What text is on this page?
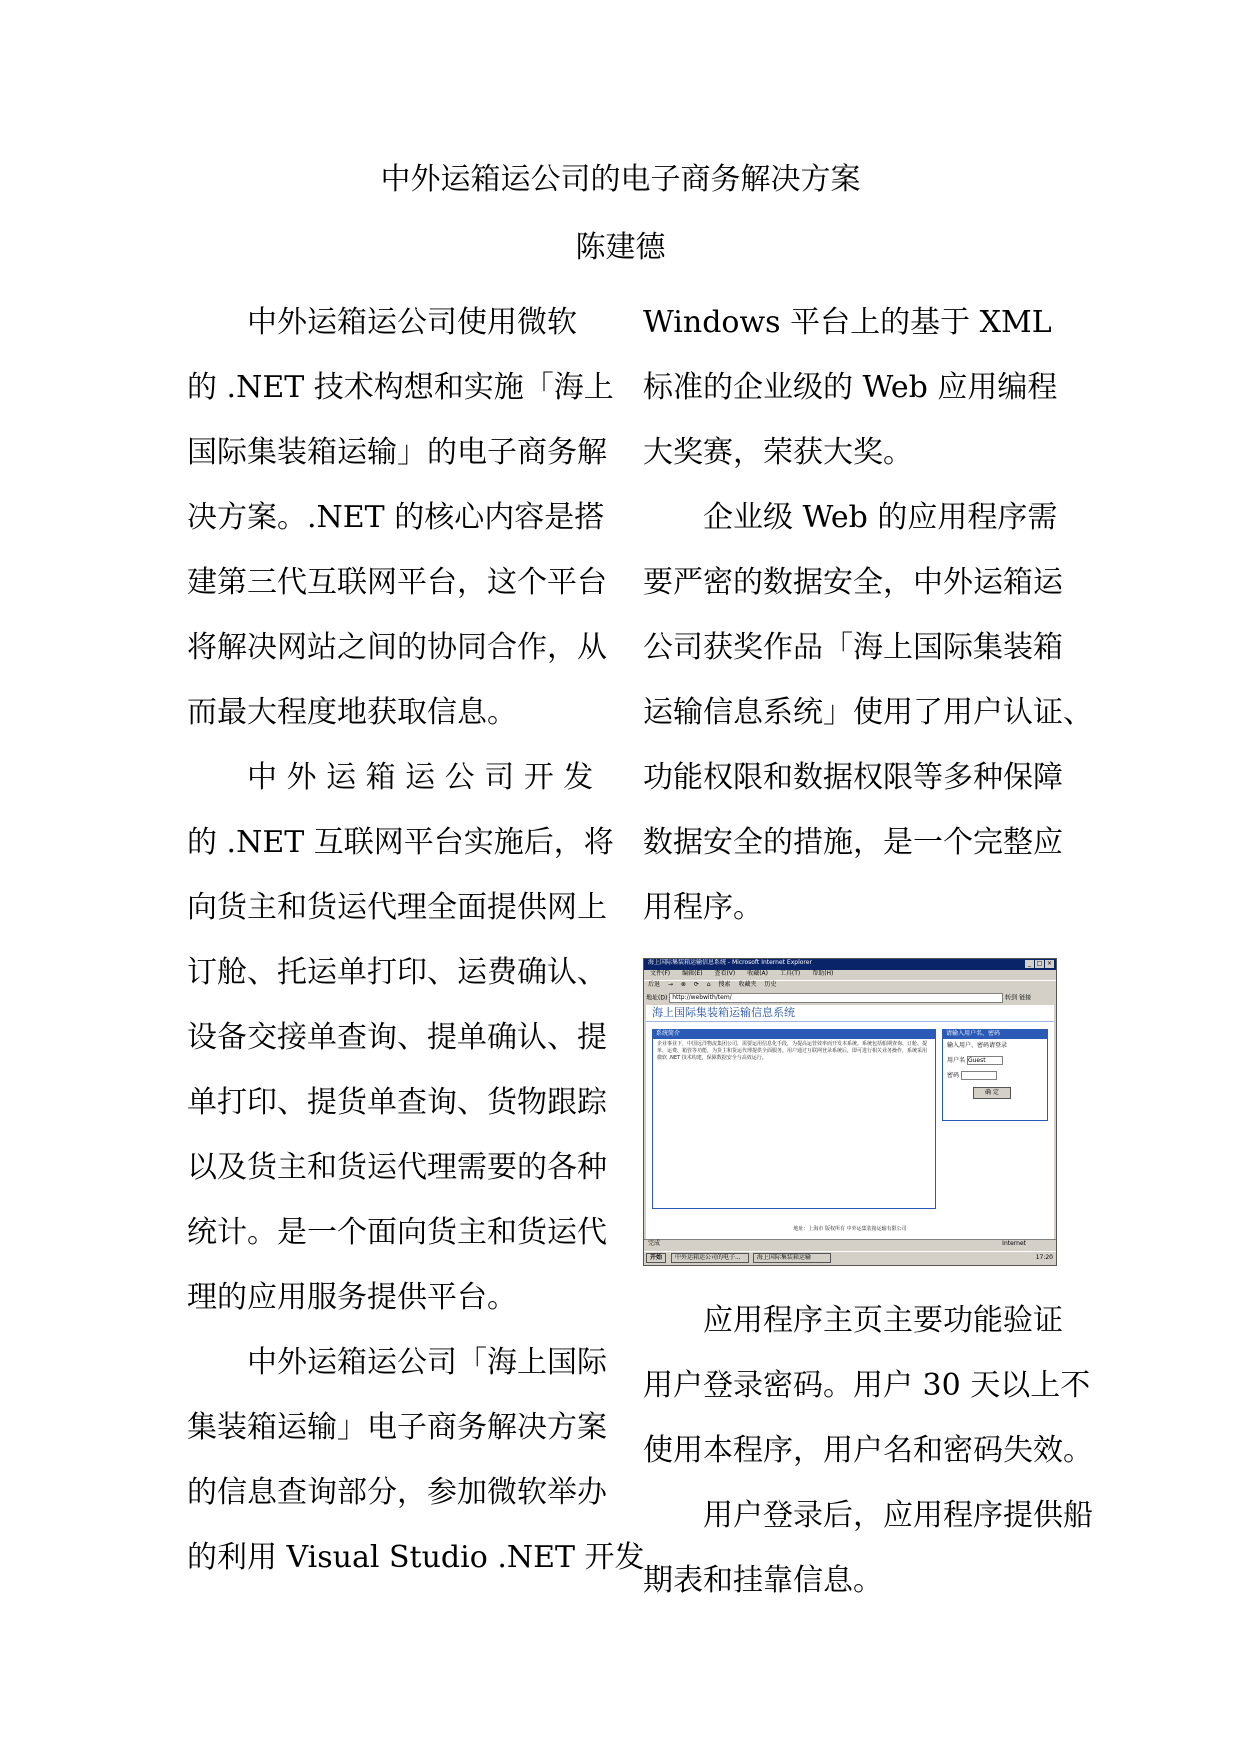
中外运箱运公司的电子商务解决方案
陈建德

中外运箱运公司使用微软
的 .NET 技术构想和实施「海上
国际集装箱运输」的电子商务解
决方案。.NET 的核心内容是搭
建第三代互联网平台，这个平台
将解决网站之间的协同合作，从
而最大程度地获取信息。

中 外 运 箱 运 公 司 开 发
的 .NET 互联网平台实施后，将
向货主和货运代理全面提供网上
订舱、托运单打印、运费确认、
设备交接单查询、提单确认、提
单打印、提货单查询、货物跟踪
以及货主和货运代理需要的各种
统计。是一个面向货主和货运代
理的应用服务提供平台。

中外运箱运公司「海上国际
集装箱运输」电子商务解决方案
的信息查询部分，参加微软举办
的利用 Visual Studio .NET 开发

Windows 平台上的基于 XML
标准的企业级的 Web 应用编程
大奖赛，荣获大奖。

企业级 Web 的应用程序需
要严密的数据安全，中外运箱运
公司获奖作品「海上国际集装箱
运输信息系统」使用了用户认证、
功能权限和数据权限等多种保障
数据安全的措施，是一个完整应
用程序。

海上国际集装箱运输信息系统 - Microsoft Internet Explorer	_ □ ×
文件(F) 编辑(E) 查看(V) 收藏(A) 工具(T) 帮助(H)
后退 → ⊗ ⟳ ⌂ 搜索 收藏夹 历史
地址(D) http://webwith/tem/	转到 链接
海上国际集装箱运输信息系统
系统简介
企业事业下，中国远洋物流集团公司，需要运用信息化手段，为提高运营效率而开发本系统。系统包括船期查询、订舱、提单、运费、箱管等功能，为货主和货运代理提供全面服务。用户通过互联网登录系统后，即可进行相关业务操作，系统采用微软 .NET 技术构建，保障数据安全与高效运行。
请输入用户名、密码
输入用户、密码请登录
用户名 Guest
密码
确 定
地址：上海市 版权所有 中外运集装箱运输有限公司
完成	Internet
开始 中外运箱运公司的电子...	海上国际集装箱运输	17:20

应用程序主页主要功能验证
用户登录密码。用户 30 天以上不
使用本程序，用户名和密码失效。

用户登录后，应用程序提供船
期表和挂靠信息。
